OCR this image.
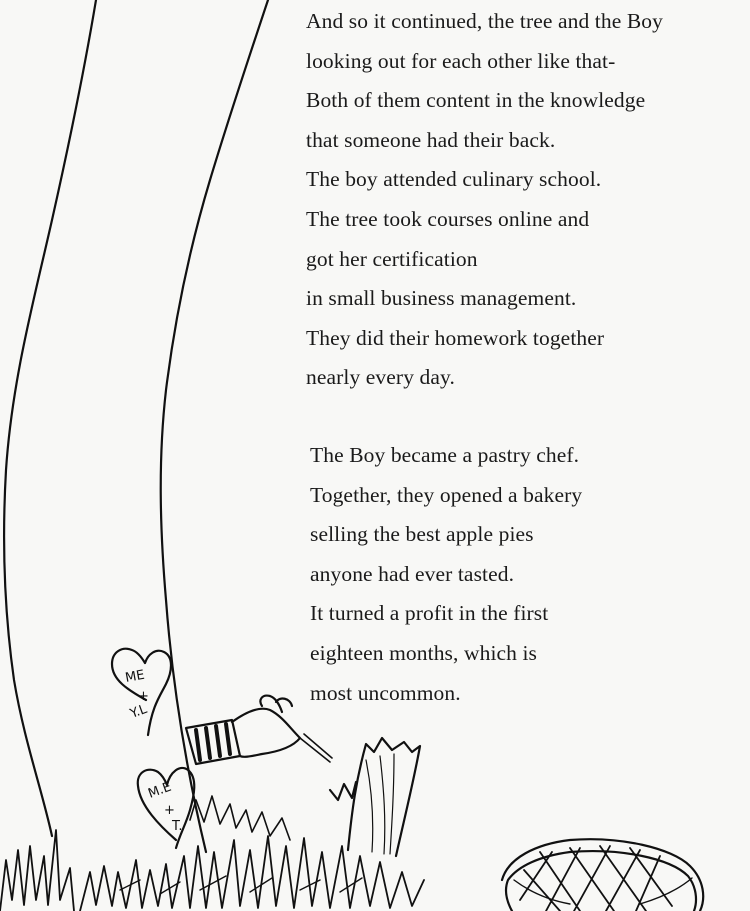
ME
+
Y.L
M.E
+
T.
And so it continued, the tree and the Boy
looking out for each other like that-
Both of them content in the knowledge
that someone had their back.
The boy attended culinary school.
The tree took courses online and
got her certification
in small business management.
They did their homework together
nearly every day.
The Boy became a pastry chef.
Together, they opened a bakery
selling the best apple pies
anyone had ever tasted.
It turned a profit in the first
eighteen months, which is
most uncommon.
